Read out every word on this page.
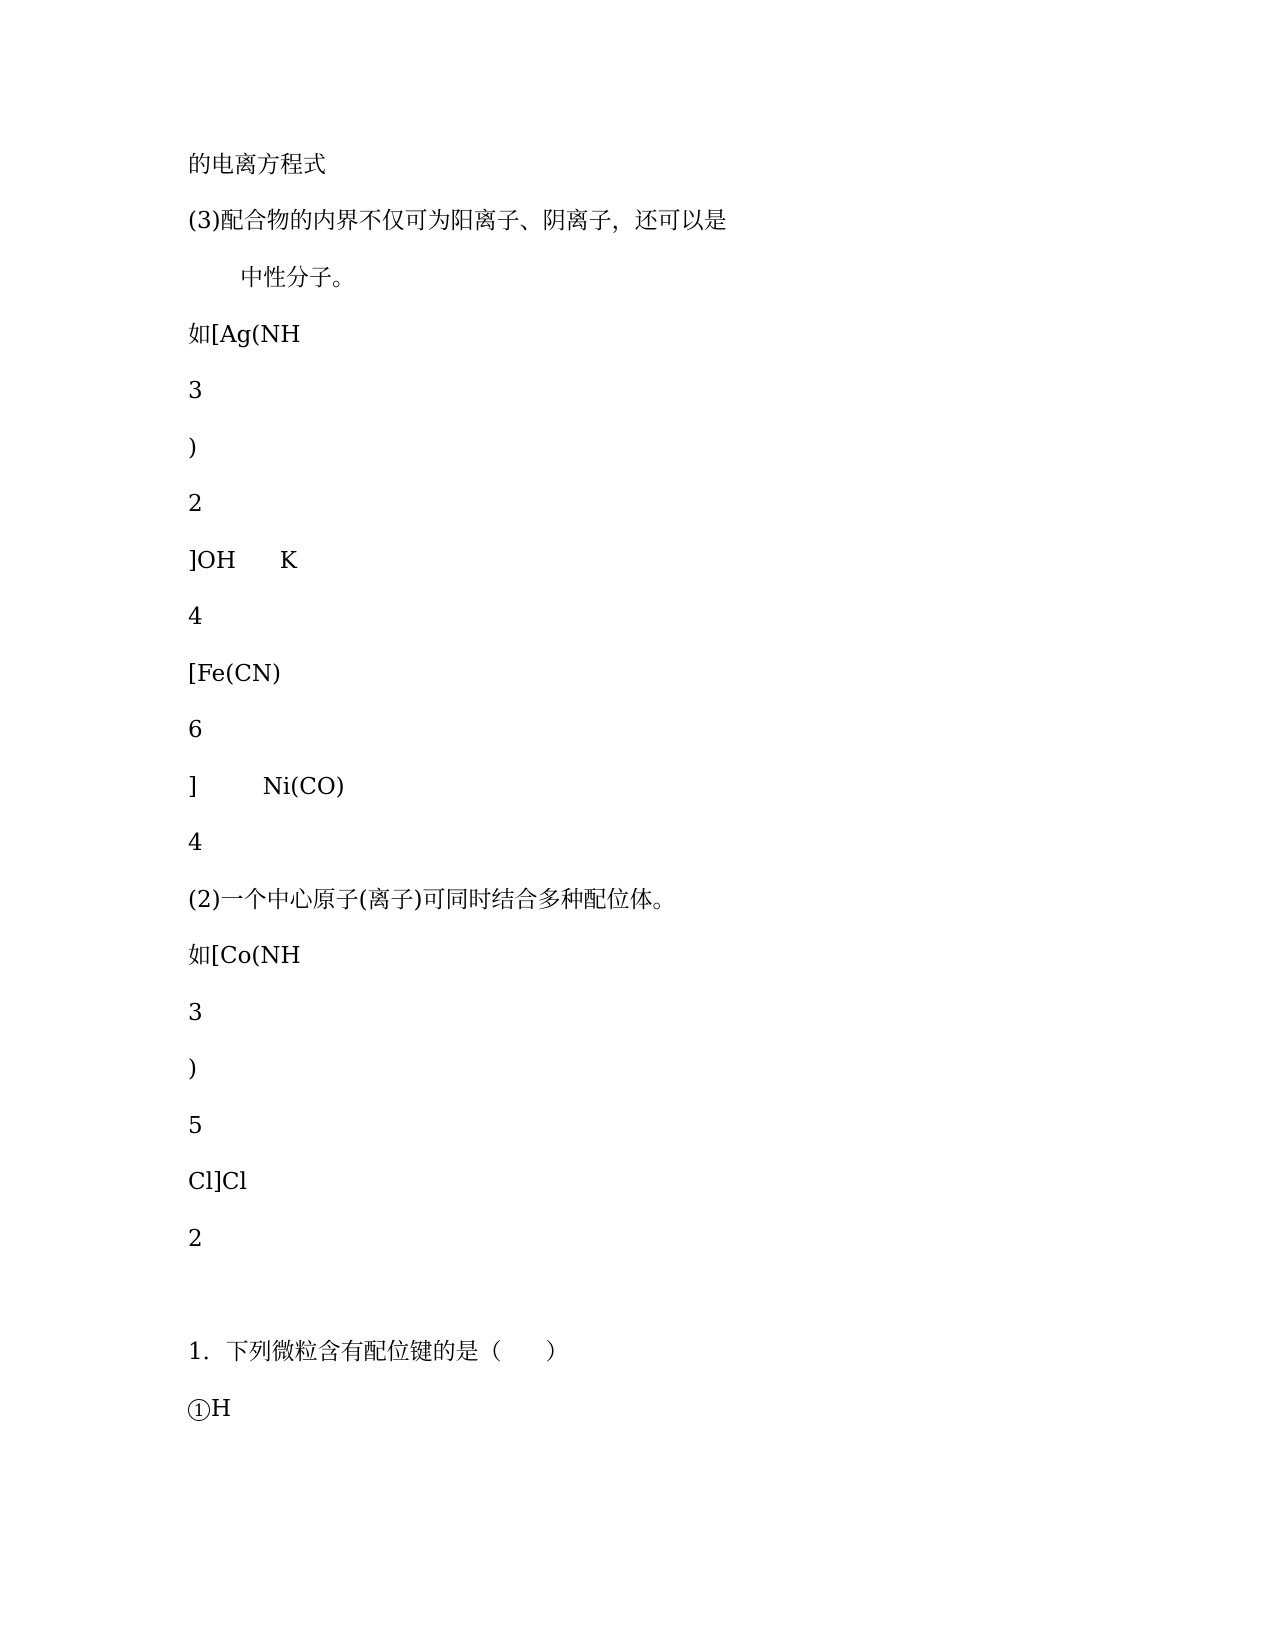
的电离方程式

(3)配合物的内界不仅可为阳离子、阴离子，还可以是

中性分子。

如[Ag(NH

3

)

2

]OH      K

4

[Fe(CN)

6

]         Ni(CO)

4

(2)一个中心原子(离子)可同时结合多种配位体。

如[Co(NH

3

)

5

Cl]Cl

2

1．下列微粒含有配位键的是（      ）

1 H
